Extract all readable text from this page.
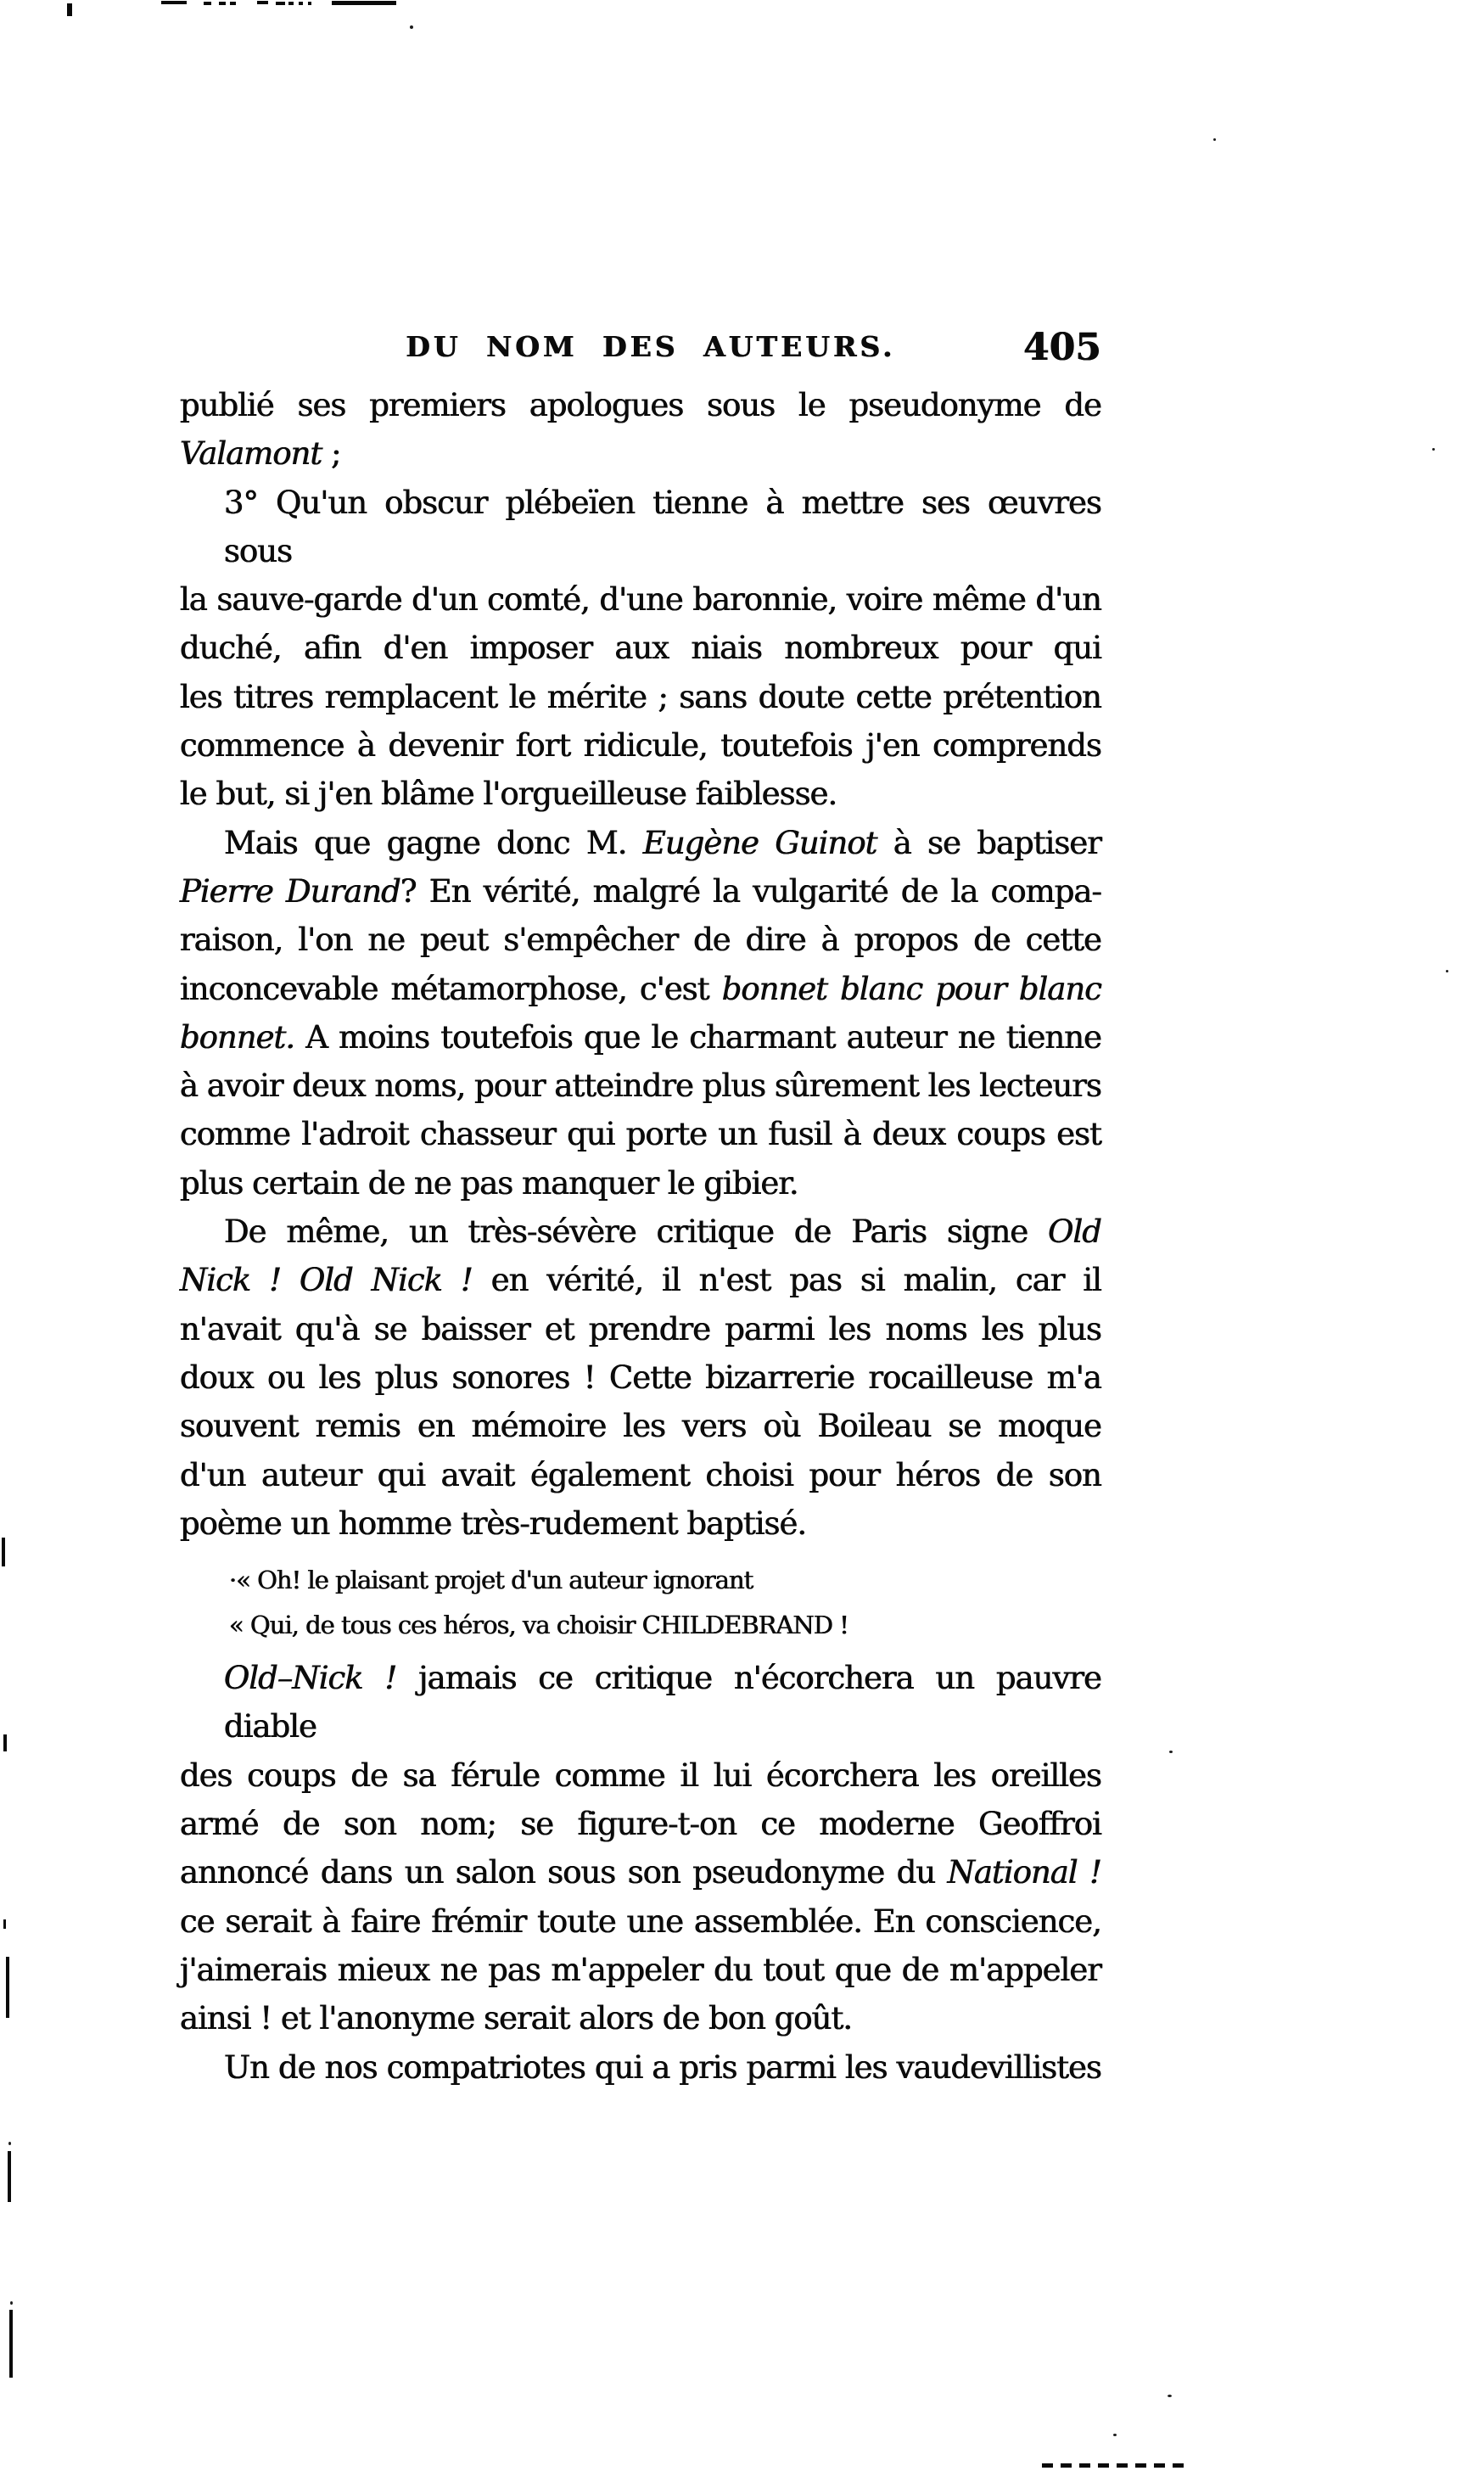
DU NOM DES AUTEURS.	405
publié ses premiers apologues sous le pseudonyme de
Valamont ;
3° Qu'un obscur plébeïen tienne à mettre ses œuvres sous
la sauve-garde d'un comté, d'une baronnie, voire même d'un
duché, afin d'en imposer aux niais nombreux pour qui
les titres remplacent le mérite ; sans doute cette prétention
commence à devenir fort ridicule, toutefois j'en comprends
le but, si j'en blâme l'orgueilleuse faiblesse.
Mais que gagne donc M. Eugène Guinot à se baptiser
Pierre Durand? En vérité, malgré la vulgarité de la compa-
raison, l'on ne peut s'empêcher de dire à propos de cette
inconcevable métamorphose, c'est bonnet blanc pour blanc
bonnet. A moins toutefois que le charmant auteur ne tienne
à avoir deux noms, pour atteindre plus sûrement les lecteurs
comme l'adroit chasseur qui porte un fusil à deux coups est
plus certain de ne pas manquer le gibier.
De même, un très-sévère critique de Paris signe Old
Nick ! Old Nick ! en vérité, il n'est pas si malin, car il
n'avait qu'à se baisser et prendre parmi les noms les plus
doux ou les plus sonores ! Cette bizarrerie rocailleuse m'a
souvent remis en mémoire les vers où Boileau se moque
d'un auteur qui avait également choisi pour héros de son
poème un homme très-rudement baptisé.
·« Oh! le plaisant projet d'un auteur ignorant
« Qui, de tous ces héros, va choisir CHILDEBRAND !
Old–Nick ! jamais ce critique n'écorchera un pauvre diable
des coups de sa férule comme il lui écorchera les oreilles
armé de son nom; se figure-t-on ce moderne Geoffroi
annoncé dans un salon sous son pseudonyme du National !
ce serait à faire frémir toute une assemblée. En conscience,
j'aimerais mieux ne pas m'appeler du tout que de m'appeler
ainsi ! et l'anonyme serait alors de bon goût.
Un de nos compatriotes qui a pris parmi les vaudevillistes
